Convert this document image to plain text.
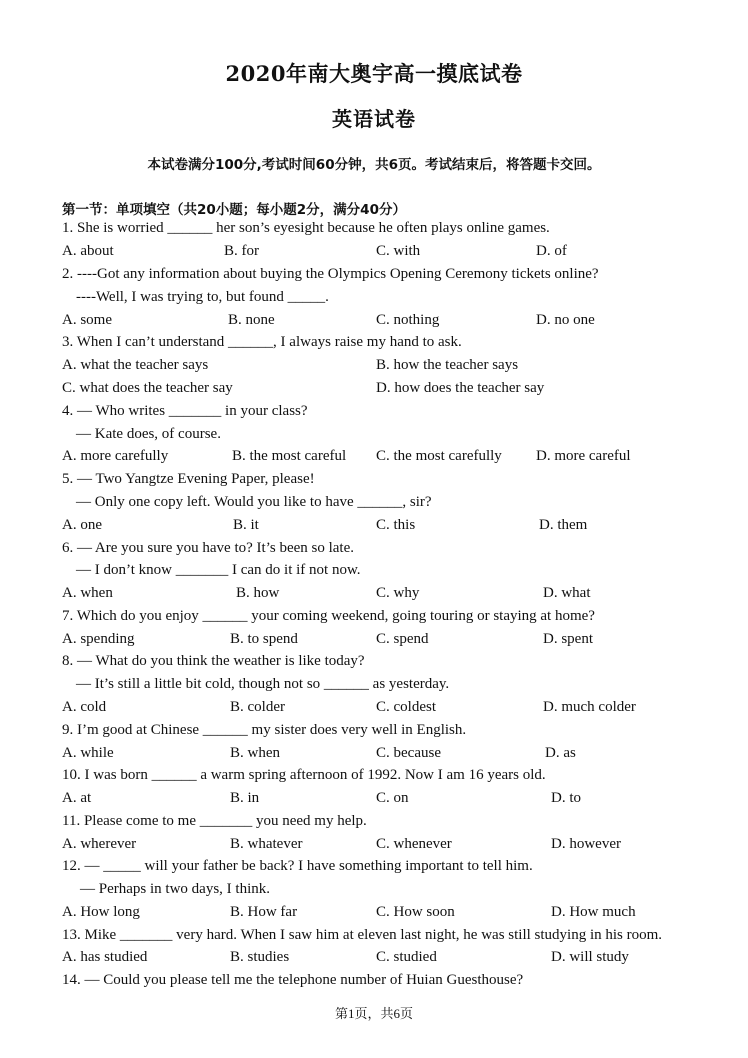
2020年南大奥宇高一摸底试卷
英语试卷
本试卷满分100分,考试时间60分钟，共6页。考试结束后，将答题卡交回。
第一节：单项填空（共20小题；每小题2分，满分40分）
1. She is worried ______ her son’s eyesight because he often plays online games.
A. about	B. for	C. with	D. of
2. ----Got any information about buying the Olympics Opening Ceremony tickets online?
----Well, I was trying to, but found _____.
A. some	B. none	C. nothing	D. no one
3. When I can’t understand ______, I always raise my hand to ask.
A. what the teacher says	B. how the teacher says
C. what does the teacher say	D. how does the teacher say
4. — Who writes _______ in your class?
— Kate does, of course.
A. more carefully	B. the most careful C. the most carefully D. more careful
5. — Two Yangtze Evening Paper, please!
— Only one copy left. Would you like to have ______, sir?
A. one	B. it	C. this	D. them
6. — Are you sure you have to? It’s been so late.
— I don’t know _______ I can do it if not now.
A. when	B. how	C. why	D. what
7. Which do you enjoy ______ your coming weekend, going touring or staying at home?
A. spending	B. to spend	C. spend	D. spent
8. — What do you think the weather is like today?
— It’s still a little bit cold, though not so ______ as yesterday.
A. cold	B. colder	C. coldest	D. much colder
9. I’m good at Chinese ______ my sister does very well in English.
A. while	B. when	C. because	D. as
10. I was born ______ a warm spring afternoon of 1992. Now I am 16 years old.
A. at	B. in	C. on	D. to
11. Please come to me _______ you need my help.
A. wherever	B. whatever	C. whenever	D. however
12. — _____ will your father be back? I have something important to tell him.
— Perhaps in two days, I think.
A. How long	B. How far	C. How soon	D. How much
13. Mike _______ very hard. When I saw him at eleven last night, he was still studying in his room.
A. has studied	B. studies	C. studied	D. will study
14. — Could you please tell me the telephone number of Huian Guesthouse?
第1页，共6页
